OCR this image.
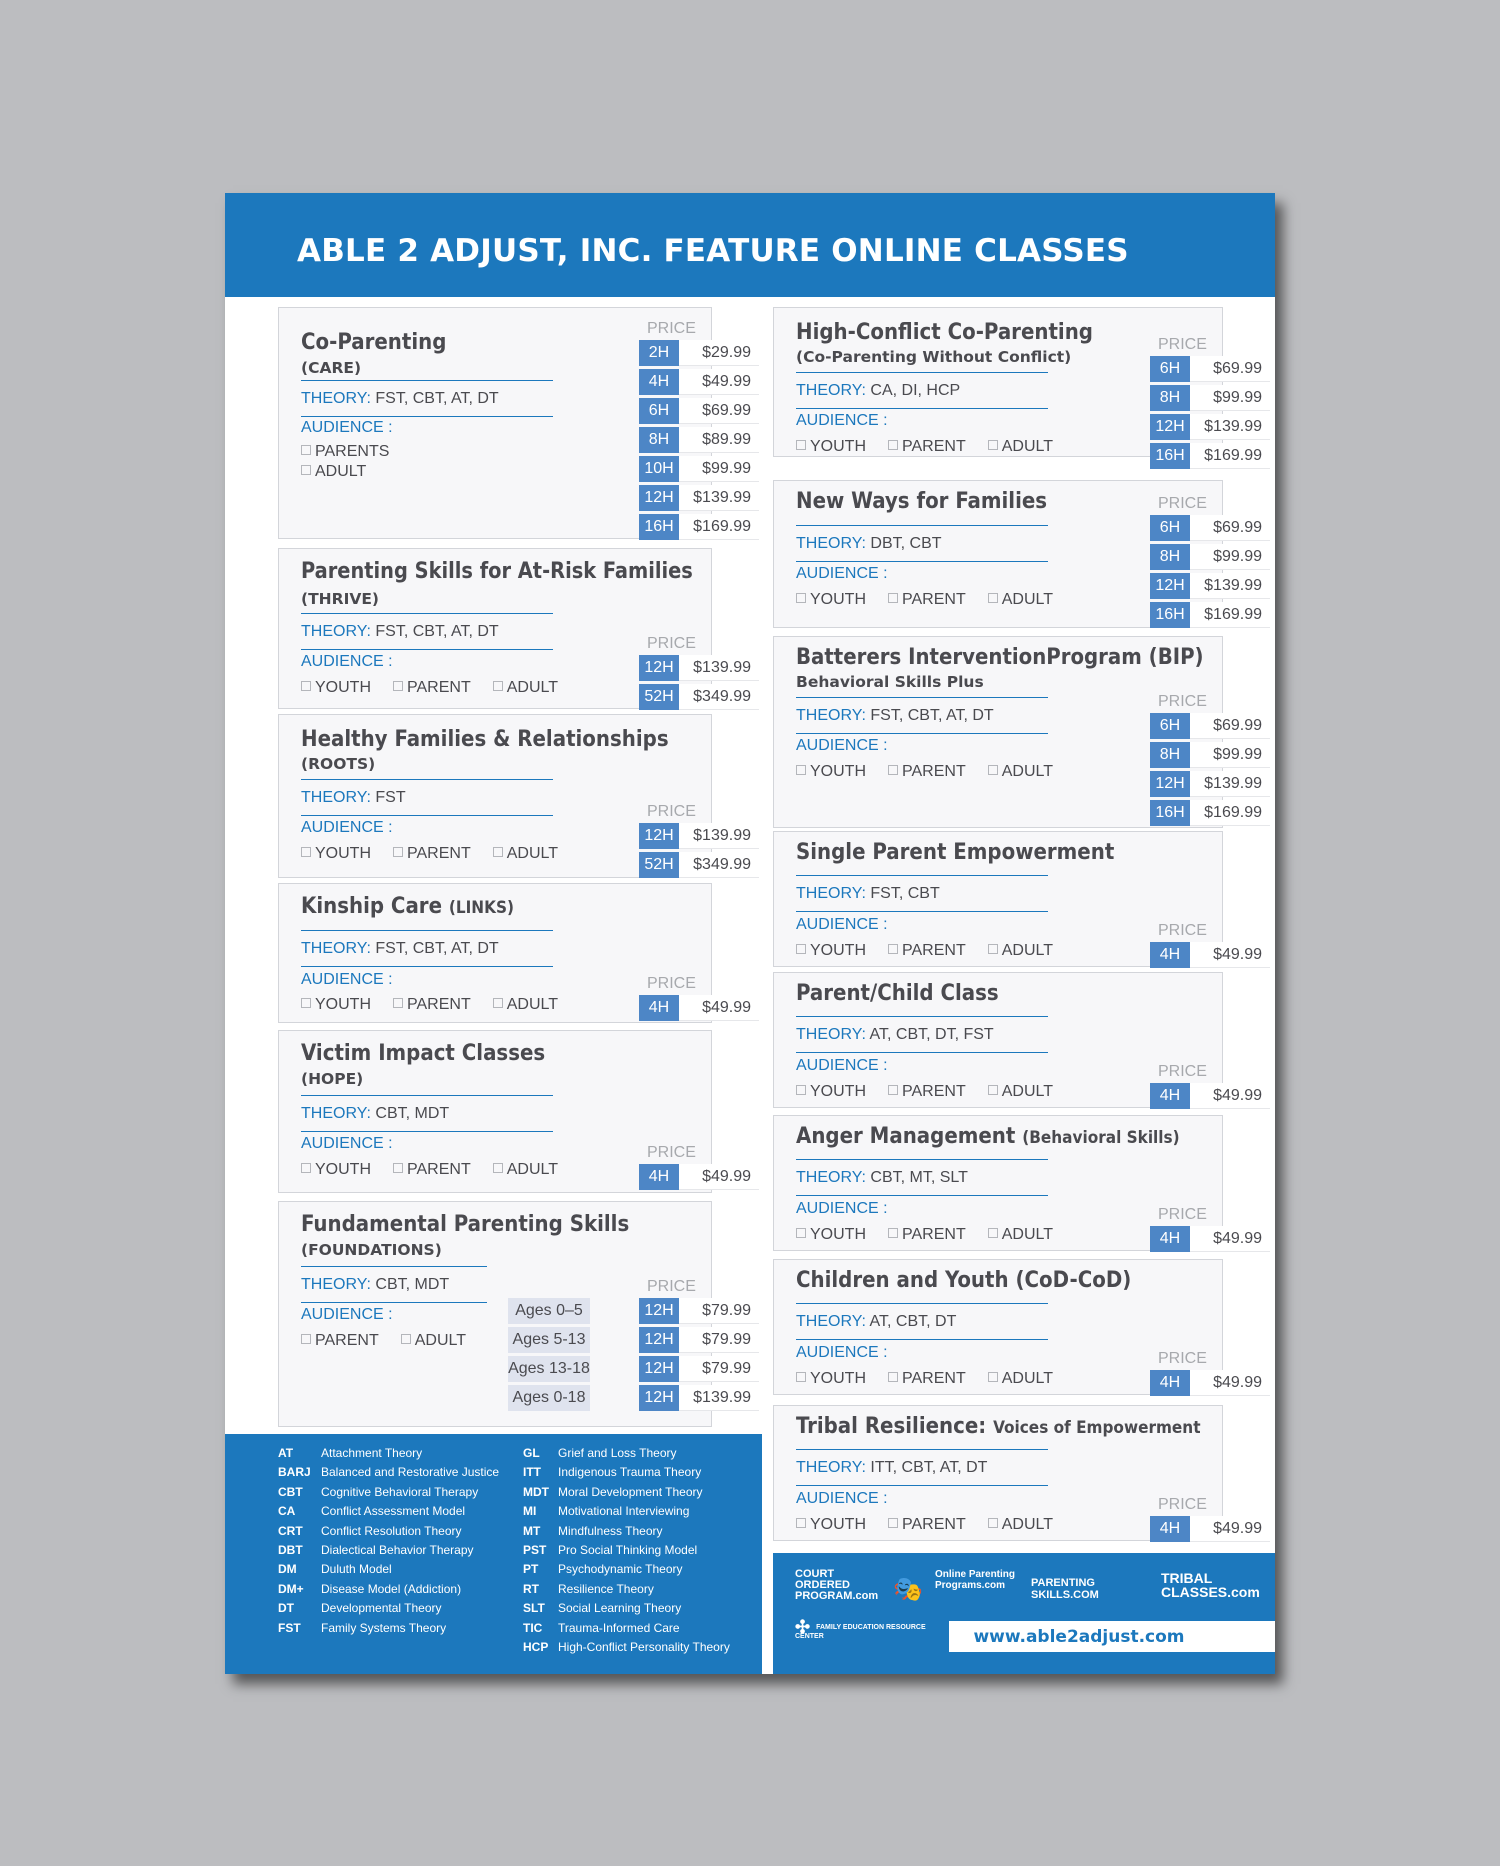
ABLE 2 ADJUST, INC. FEATURE ONLINE CLASSES
Co-Parenting
(CARE)
THEORY: FST, CBT, AT, DT
AUDIENCE :
PARENTS
ADULT
PRICE
2H	$29.99
4H	$49.99
6H	$69.99
8H	$89.99
10H	$99.99
12H	$139.99
16H	$169.99
Parenting Skills for At-Risk Families
(THRIVE)
THEORY: FST, CBT, AT, DT
AUDIENCE :
YOUTH PARENT ADULT
PRICE
12H	$139.99
52H	$349.99
Healthy Families & Relationships
(ROOTS)
THEORY: FST
AUDIENCE :
YOUTH PARENT ADULT
PRICE
12H	$139.99
52H	$349.99
Kinship Care (LINKS)
THEORY: FST, CBT, AT, DT
AUDIENCE :
YOUTH PARENT ADULT
PRICE
4H	$49.99
Victim Impact Classes
(HOPE)
THEORY: CBT, MDT
AUDIENCE :
YOUTH PARENT ADULT
PRICE
4H	$49.99
Fundamental Parenting Skills
(FOUNDATIONS)
THEORY: CBT, MDT
AUDIENCE :
PARENT ADULT
PRICE
Ages 0–5	12H	$79.99
Ages 5-13	12H	$79.99
Ages 13-18	12H	$79.99
Ages 0-18	12H	$139.99
High-Conflict Co-Parenting
(Co-Parenting Without Conflict)
THEORY: CA, DI, HCP
AUDIENCE :
YOUTH PARENT ADULT
PRICE
6H	$69.99
8H	$99.99
12H	$139.99
16H	$169.99
New Ways for Families
THEORY: DBT, CBT
AUDIENCE :
YOUTH PARENT ADULT
PRICE
6H	$69.99
8H	$99.99
12H	$139.99
16H	$169.99
Batterers InterventionProgram (BIP)
Behavioral Skills Plus
THEORY: FST, CBT, AT, DT
AUDIENCE :
YOUTH PARENT ADULT
PRICE
6H	$69.99
8H	$99.99
12H	$139.99
16H	$169.99
Single Parent Empowerment
THEORY: FST, CBT
AUDIENCE :
YOUTH PARENT ADULT
PRICE
4H	$49.99
Parent/Child Class
THEORY: AT, CBT, DT, FST
AUDIENCE :
YOUTH PARENT ADULT
PRICE
4H	$49.99
Anger Management (Behavioral Skills)
THEORY: CBT, MT, SLT
AUDIENCE :
YOUTH PARENT ADULT
PRICE
4H	$49.99
Children and Youth (CoD-CoD)
THEORY: AT, CBT, DT
AUDIENCE :
YOUTH PARENT ADULT
PRICE
4H	$49.99
Tribal Resilience: Voices of Empowerment
THEORY: ITT, CBT, AT, DT
AUDIENCE :
YOUTH PARENT ADULT
PRICE
4H	$49.99
AT Attachment Theory
BARJ Balanced and Restorative Justice
CBT Cognitive Behavioral Therapy
CA Conflict Assessment Model
CRT Conflict Resolution Theory
DBT Dialectical Behavior Therapy
DM Duluth Model
DM+ Disease Model (Addiction)
DT Developmental Theory
FST Family Systems Theory
GL Grief and Loss Theory
ITT Indigenous Trauma Theory
MDT Moral Development Theory
MI Motivational Interviewing
MT Mindfulness Theory
PST Pro Social Thinking Model
PT Psychodynamic Theory
RT Resilience Theory
SLT Social Learning Theory
TIC Trauma-Informed Care
HCP High-Conflict Personality Theory
COURT ORDERED PROGRAM.com 🎭
Online Parenting Programs.com	PARENTING SKILLS.COM
TRIBAL CLASSES.com
✣ FAMILY EDUCATION RESOURCE CENTER	www.able2adjust.com
